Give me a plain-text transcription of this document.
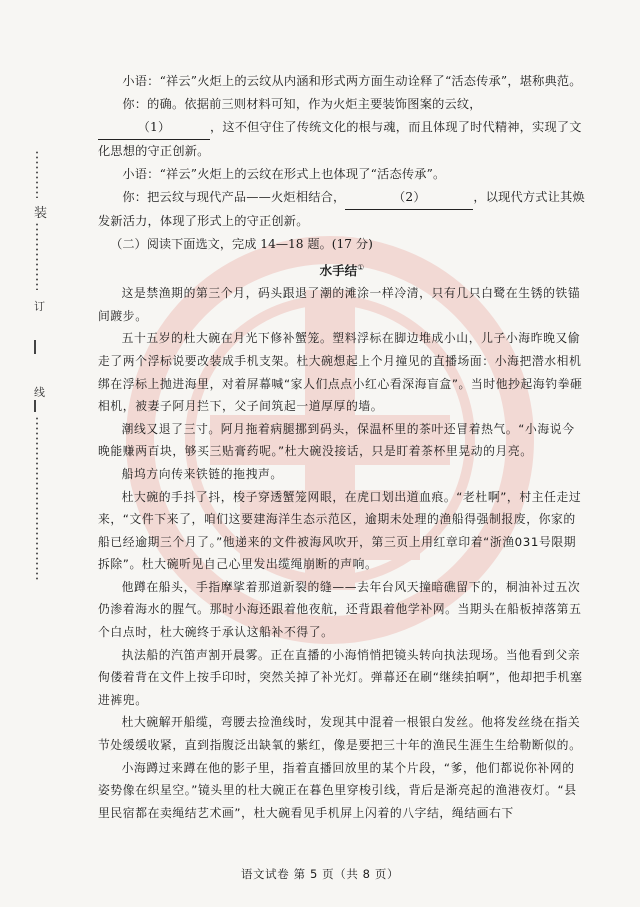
装
订
线

小语：“祥云”火炬上的云纹从内涵和形式两方面生动诠释了“活态传承”，堪称典范。

你：的确。依据前三则材料可知，作为火炬主要装饰图案的云纹，（1）	，这不但守住了传统文化的根与魂，而且体现了时代精神，实现了文化思想的守正创新。

小语：“祥云”火炬上的云纹在形式上也体现了“活态传承”。

你：把云纹与现代产品——火炬相结合，	（2）	，以现代方式让其焕发新活力，体现了形式上的守正创新。

（二）阅读下面选文，完成 14—18 题。(17 分)

水手结①

这是禁渔期的第三个月，码头跟退了潮的滩涂一样冷清，只有几只白鹭在生锈的铁锚间踱步。

五十五岁的杜大碗在月光下修补蟹笼。塑料浮标在脚边堆成小山，儿子小海昨晚又偷走了两个浮标说要改装成手机支架。杜大碗想起上个月撞见的直播场面：小海把潜水相机绑在浮标上抛进海里，对着屏幕喊“家人们点点小红心看深海盲盒”。当时他抄起海钓拳砸相机，被妻子阿月拦下，父子间筑起一道厚厚的墙。

潮线又退了三寸。阿月拖着病腿挪到码头，保温杯里的茶叶还冒着热气。“小海说今晚能赚两百块，够买三贴膏药呢。”杜大碗没接话，只是盯着茶杯里晃动的月亮。

船坞方向传来铁链的拖拽声。

杜大碗的手抖了抖，梭子穿透蟹笼网眼，在虎口划出道血痕。“老杜啊”，村主任走过来，“文件下来了，咱们这要建海洋生态示范区，逾期未处理的渔船得强制报废，你家的船已经逾期三个月了。”他递来的文件被海风吹开，第三页上用红章印着“浙渔031号限期拆除”。杜大碗听见自己心里发出缆绳崩断的声响。

他蹲在船头，手指摩挲着那道新裂的缝——去年台风天撞暗礁留下的，桐油补过五次仍渗着海水的腥气。那时小海还跟着他夜航，还背跟着他学补网。当期头在船板掉落第五个白点时，杜大碗终于承认这船补不得了。

执法船的汽笛声割开晨雾。正在直播的小海悄悄把镜头转向执法现场。当他看到父亲佝偻着背在文件上按手印时，突然关掉了补光灯。弹幕还在刷“继续拍啊”，他却把手机塞进裤兜。

杜大碗解开船缆，弯腰去捡渔线时，发现其中混着一根银白发丝。他将发丝绕在指关节处缓缓收紧，直到指腹泛出缺氧的紫红，像是要把三十年的渔民生涯生生给勒断似的。

小海蹲过来蹲在他的影子里，指着直播回放里的某个片段，“爹，他们都说你补网的姿势像在织星空。”镜头里的杜大碗正在暮色里穿梭引线，背后是渐亮起的渔港夜灯。“县里民宿都在卖绳结艺术画”，杜大碗看见手机屏上闪着的八字结，绳结画右下

语文试卷 第 5 页（共 8 页）
